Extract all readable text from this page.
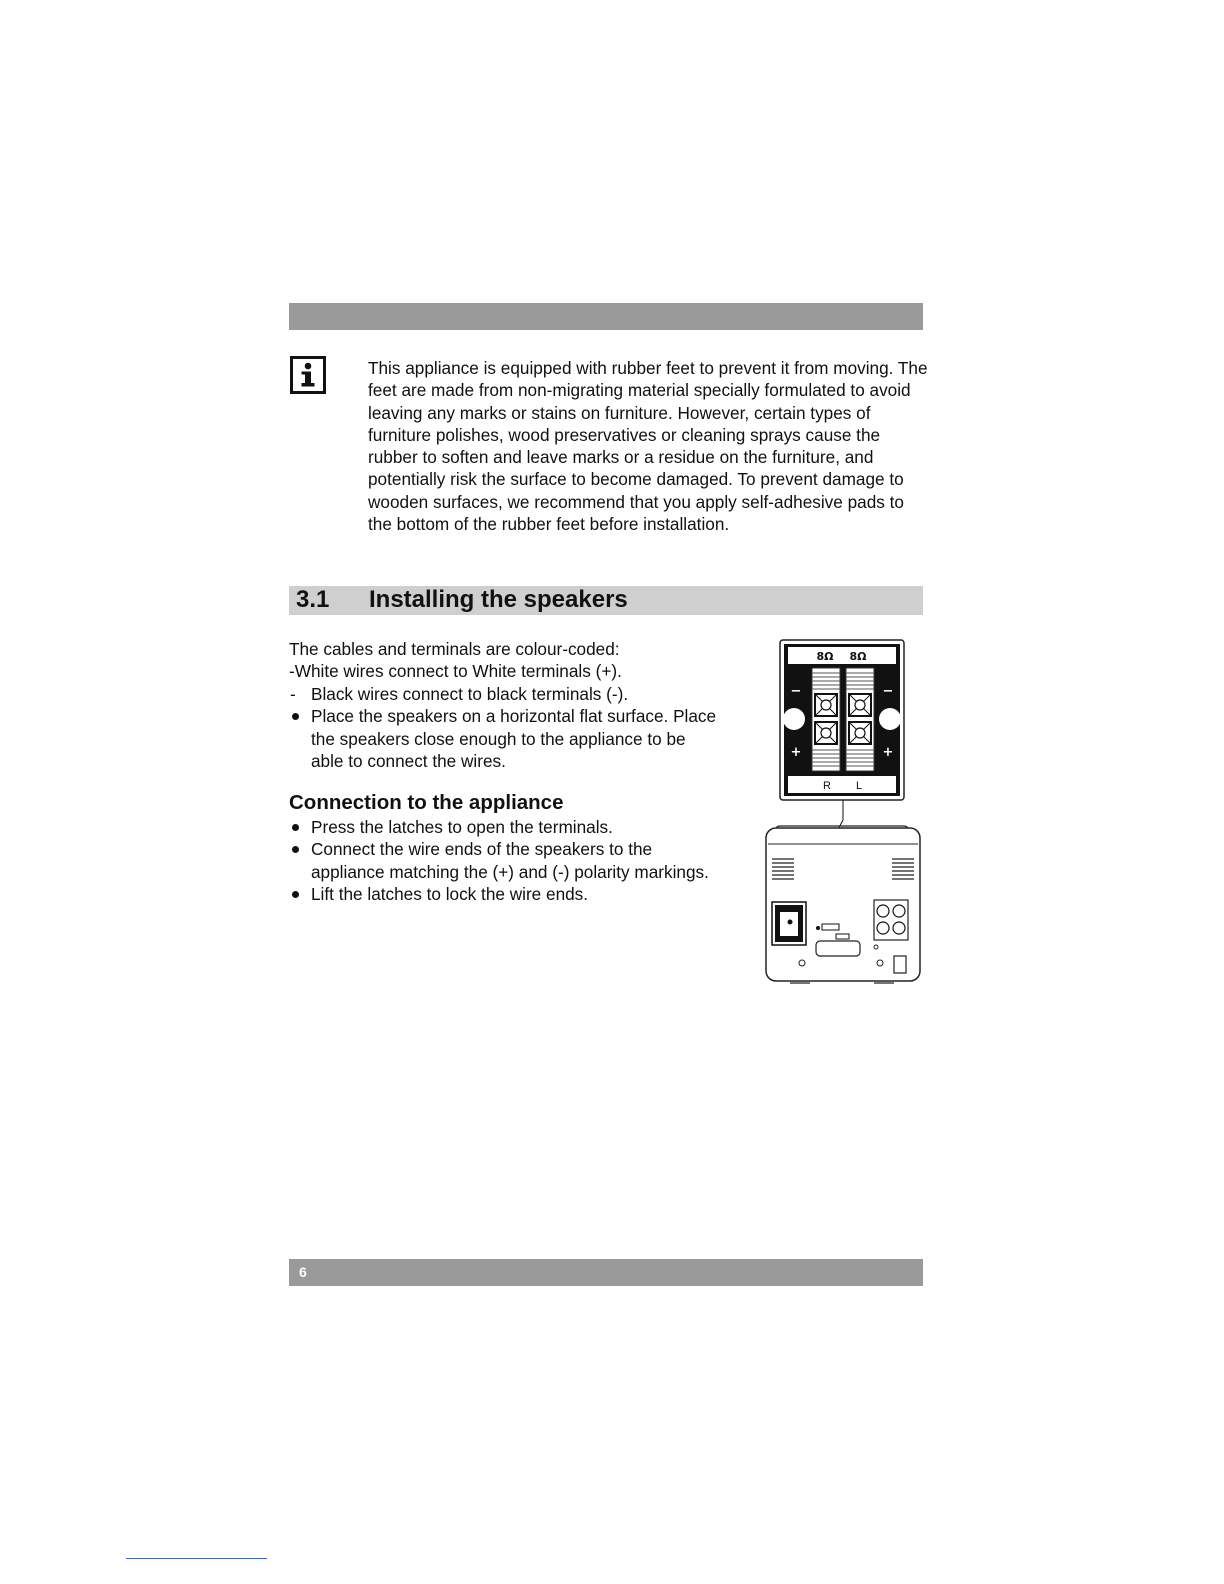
This appliance is equipped with rubber feet to prevent it from moving. The feet are made from non-migrating material specially formulated to avoid leaving any marks or stains on furniture. However, certain types of furniture polishes, wood preservatives or cleaning sprays cause the rubber to soften and leave marks or a residue on the furniture, and potentially risk the surface to become damaged. To prevent damage to wooden surfaces, we recommend that you apply self-adhesive pads to the bottom of the rubber feet before installation.
3.1 Installing the speakers
The cables and terminals are colour-coded:
-White wires connect to White terminals (+).
- Black wires connect to black terminals (-).
Place the speakers on a horizontal flat surface. Place the speakers close enough to the appliance to be able to connect the wires.
Connection to the appliance
Press the latches to open the terminals.
Connect the wire ends of the speakers to the appliance matching the (+) and (-) polarity markings.
Lift the latches to lock the wire ends.
8Ω 8Ω
R L
−	−
+	+
6
